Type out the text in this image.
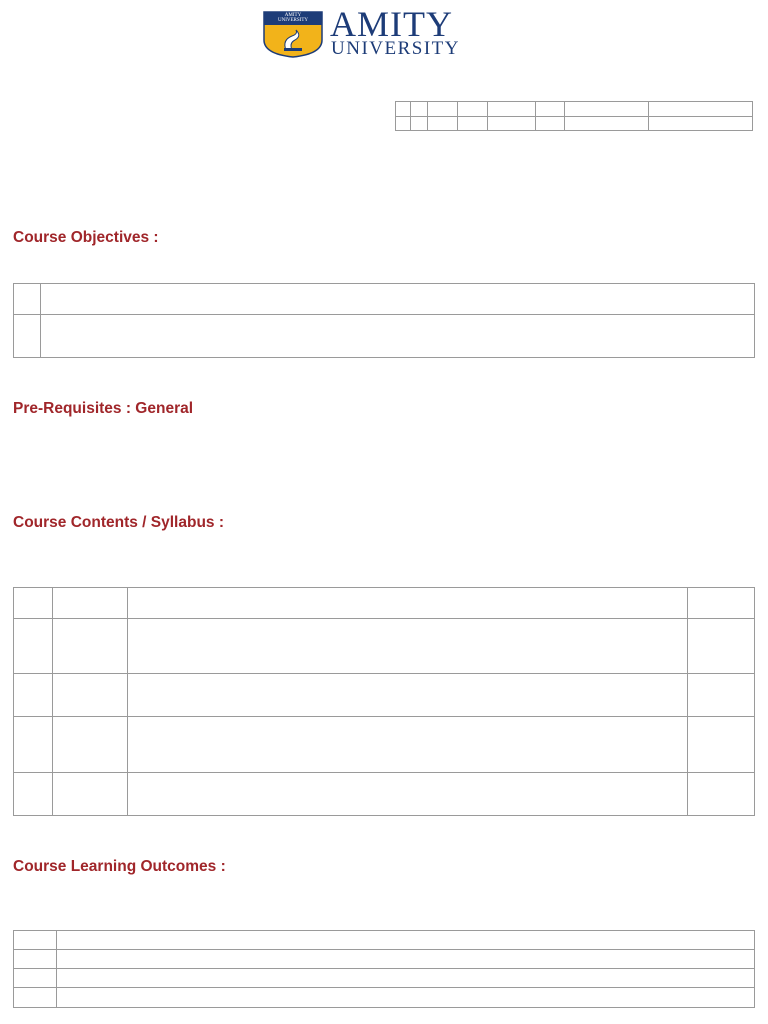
AMITY UNIVERSITY AMITY
UNIVERSITY

Course Objectives :

Pre-Requisites : General
Course Contents / Syllabus :

Course Learning Outcomes :
